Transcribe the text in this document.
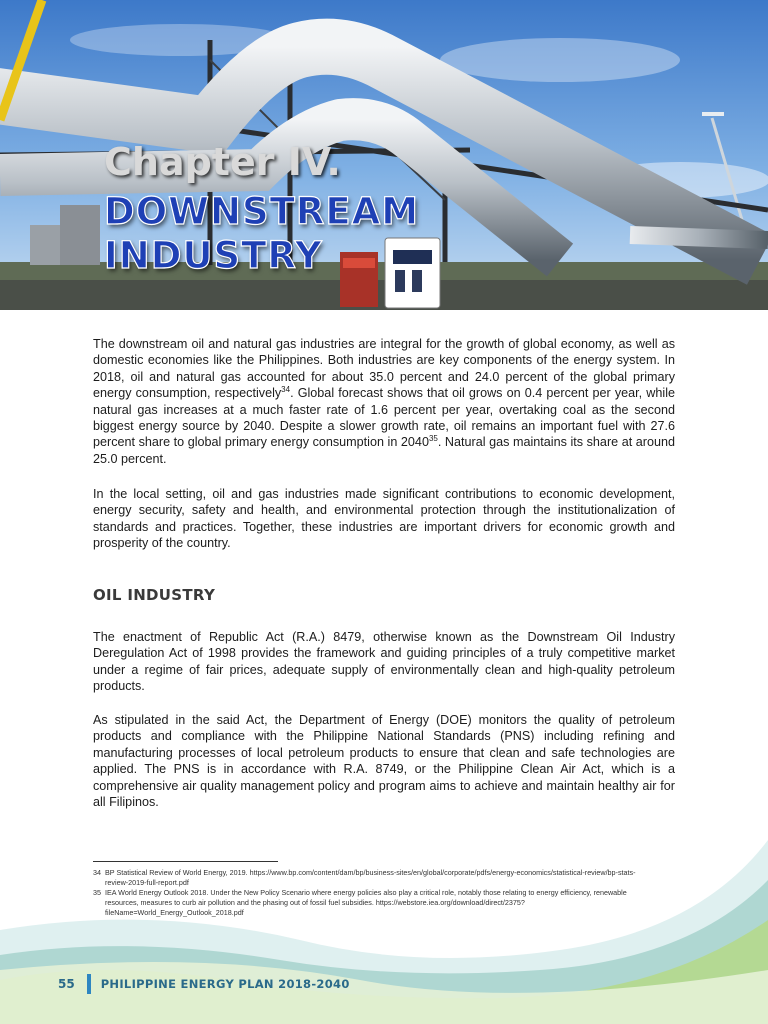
Chapter IV.
DOWNSTREAM
INDUSTRY

The downstream oil and natural gas industries are integral for the growth of global economy, as well as domestic economies like the Philippines. Both industries are key components of the energy system. In 2018, oil and natural gas accounted for about 35.0 percent and 24.0 percent of the global primary energy consumption, respectively$^{34}$. Global forecast shows that oil grows on 0.4 percent per year, while natural gas increases at a much faster rate of 1.6 percent per year, overtaking coal as the second biggest energy source by 2040. Despite a slower growth rate, oil remains an important fuel with 27.6 percent share to global primary energy consumption in 2040$^{35}$. Natural gas maintains its share at around 25.0 percent.

In the local setting, oil and gas industries made significant contributions to economic development, energy security, safety and health, and environmental protection through the institutionalization of standards and practices. Together, these industries are important drivers for economic growth and prosperity of the country.

OIL INDUSTRY

The enactment of Republic Act (R.A.) 8479, otherwise known as the Downstream Oil Industry Deregulation Act of 1998 provides the framework and guiding principles of a truly competitive market under a regime of fair prices, adequate supply of environmentally clean and high-quality petroleum products.

As stipulated in the said Act, the Department of Energy (DOE) monitors the quality of petroleum products and compliance with the Philippine National Standards (PNS) including refining and manufacturing processes of local petroleum products to ensure that clean and safe technologies are applied. The PNS is in accordance with R.A. 8749, or the Philippine Clean Air Act, which is a comprehensive air quality management policy and program aims to achieve and maintain healthy air for all Filipinos.

34 BP Statistical Review of World Energy, 2019. https://www.bp.com/content/dam/bp/business-sites/en/global/corporate/pdfs/energy-economics/statistical-review/bp-stats-review-2019-full-report.pdf
35 IEA World Energy Outlook 2018. Under the New Policy Scenario where energy policies also play a critical role, notably those relating to energy efficiency, renewable resources, measures to curb air pollution and the phasing out of fossil fuel subsidies. https://webstore.iea.org/download/direct/2375?fileName=World_Energy_Outlook_2018.pdf
55 PHILIPPINE ENERGY PLAN 2018-2040
